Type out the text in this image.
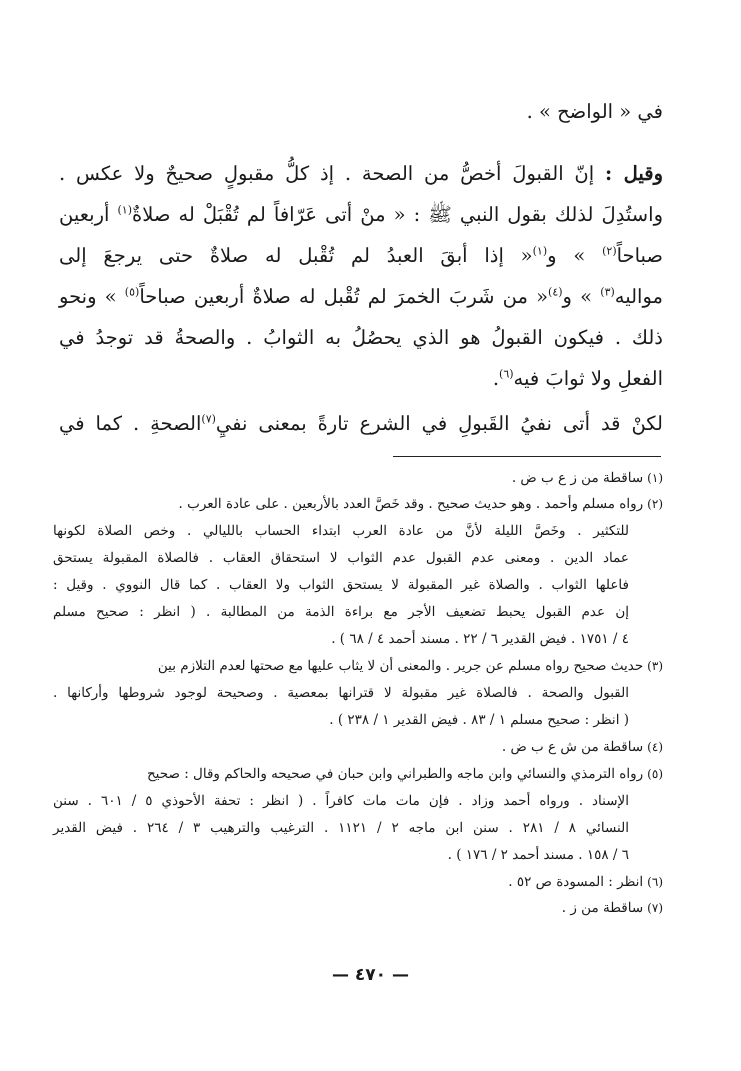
في « الواضح » .
وقيل : إنّ القبولَ أخصُّ من الصحة . إذ كلُّ مقبولٍ صحيحٌ ولا عكس .
واستُدِلَ لذلك بقول النبي ﷺ : « منْ أتى عَرّافاً لم تُقْبَلْ له صلاةٌ$^{(١)}$ أربعين
صباحاً$^{(٢)}$ » و$^{(١)}$« إذا أبقَ العبدُ لم تُقْبل له صلاةٌ حتى يرجعَ إلى
مواليه$^{(٣)}$ » و$^{(٤)}$« من شَربَ الخمرَ لم تُقْبل له صلاةٌ أربعين صباحاً$^{(٥)}$ » ونحو
ذلك . فيكون القبولُ هو الذي يحصُلُ به الثوابُ . والصحةُ قد توجدُ في
الفعلِ ولا ثوابَ فيه$^{(٦)}$.
لكنْ قد أتى نفيُ القَبولِ في الشرع تارةً بمعنى نفيِ$^{(٧)}$الصحةِ . كما في
(١)ساقطة من ز ع ب ض .
(٢)رواه مسلم وأحمد . وهو حديث صحيح . وقد خَصَّ العدد بالأربعين . على عادة العرب .
للتكثير . وخَصَّ الليلة لأنَّ من عادة العرب ابتداء الحساب بالليالي . وخص الصلاة لكونها
عماد الدين . ومعنى عدم القبول عدم الثواب لا استحقاق العقاب . فالصلاة المقبولة يستحق
فاعلها الثواب . والصلاة غير المقبولة لا يستحق الثواب ولا العقاب . كما قال النووي . وقيل :
إن عدم القبول يحبط تضعيف الأجر مع براءة الذمة من المطالبة . ( انظر : صحيح مسلم
٤ / ١٧٥١ . فيض القدير ٦ / ٢٢ . مسند أحمد ٤ / ٦٨ ) .
(٣)حديث صحيح رواه مسلم عن جرير . والمعنى أن لا يثاب عليها مع صحتها لعدم التلازم بين
القبول والصحة . فالصلاة غير مقبولة لا قترانها بمعصية . وصحيحة لوجود شروطها وأركانها .
( انظر : صحيح مسلم ١ / ٨٣ . فيض القدير ١ / ٢٣٨ ) .
(٤)ساقطة من ش ع ب ض .
(٥)رواه الترمذي والنسائي وابن ماجه والطبراني وابن حبان في صحيحه والحاكم وقال : صحيح
الإسناد . ورواه أحمد وزاد . فإن مات مات كافراً . ( انظر : تحفة الأحوذي ٥ / ٦٠١ . سنن
النسائي ٨ / ٢٨١ . سنن ابن ماجه ٢ / ١١٢١ . الترغيب والترهيب ٣ / ٢٦٤ . فيض القدير
٦ / ١٥٨ . مسند أحمد ٢ / ١٧٦ ) .
(٦)انظر : المسودة ص ٥٢ .
(٧)ساقطة من ز .
— ٤٧٠ —
